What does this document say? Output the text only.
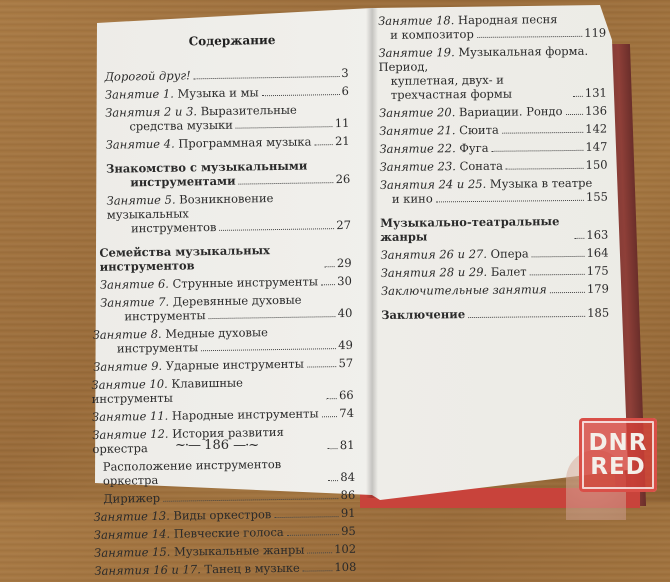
Содержание
Дорогой друг!	3
Занятие 1. Музыка и мы	6
Занятия 2 и 3. Выразительные
средства музыки	11
Занятие 4. Программная музыка 21
Знакомство с музыкальными
инструментами	26
Занятие 5. Возникновение музыкальных
инструментов	27
Семейства музыкальных инструментов	29
Занятие 6. Струнные инструменты 30
Занятие 7. Деревянные духовые
инструменты	40
Занятие 8. Медные духовые
инструменты	49
Занятие 9. Ударные инструменты	57
Занятие 10. Клавишные инструменты	66
Занятие 11. Народные инструменты 74
Занятие 12. История развития оркестра	81
Расположение инструментов оркестра	84
Дирижер	86
Занятие 13. Виды оркестров	91
Занятие 14. Певческие голоса	95
Занятие 15. Музыкальные жанры	102
Занятия 16 и 17. Танец в музыке	108
~·— 186 —·~
Занятие 18. Народная песня
и композитор	119
Занятие 19. Музыкальная форма. Период,
куплетная, двух- и трехчастная формы	131
Занятие 20. Вариации. Рондо 136
Занятие 21. Сюита	142
Занятие 22. Фуга	147
Занятие 23. Соната	150
Занятия 24 и 25. Музыка в театре
и кино	155
Музыкально-театральные жанры	163
Занятия 26 и 27. Опера	164
Занятия 28 и 29. Балет	175
Заключительные занятия	179
Заключение	185
DNR
RED
